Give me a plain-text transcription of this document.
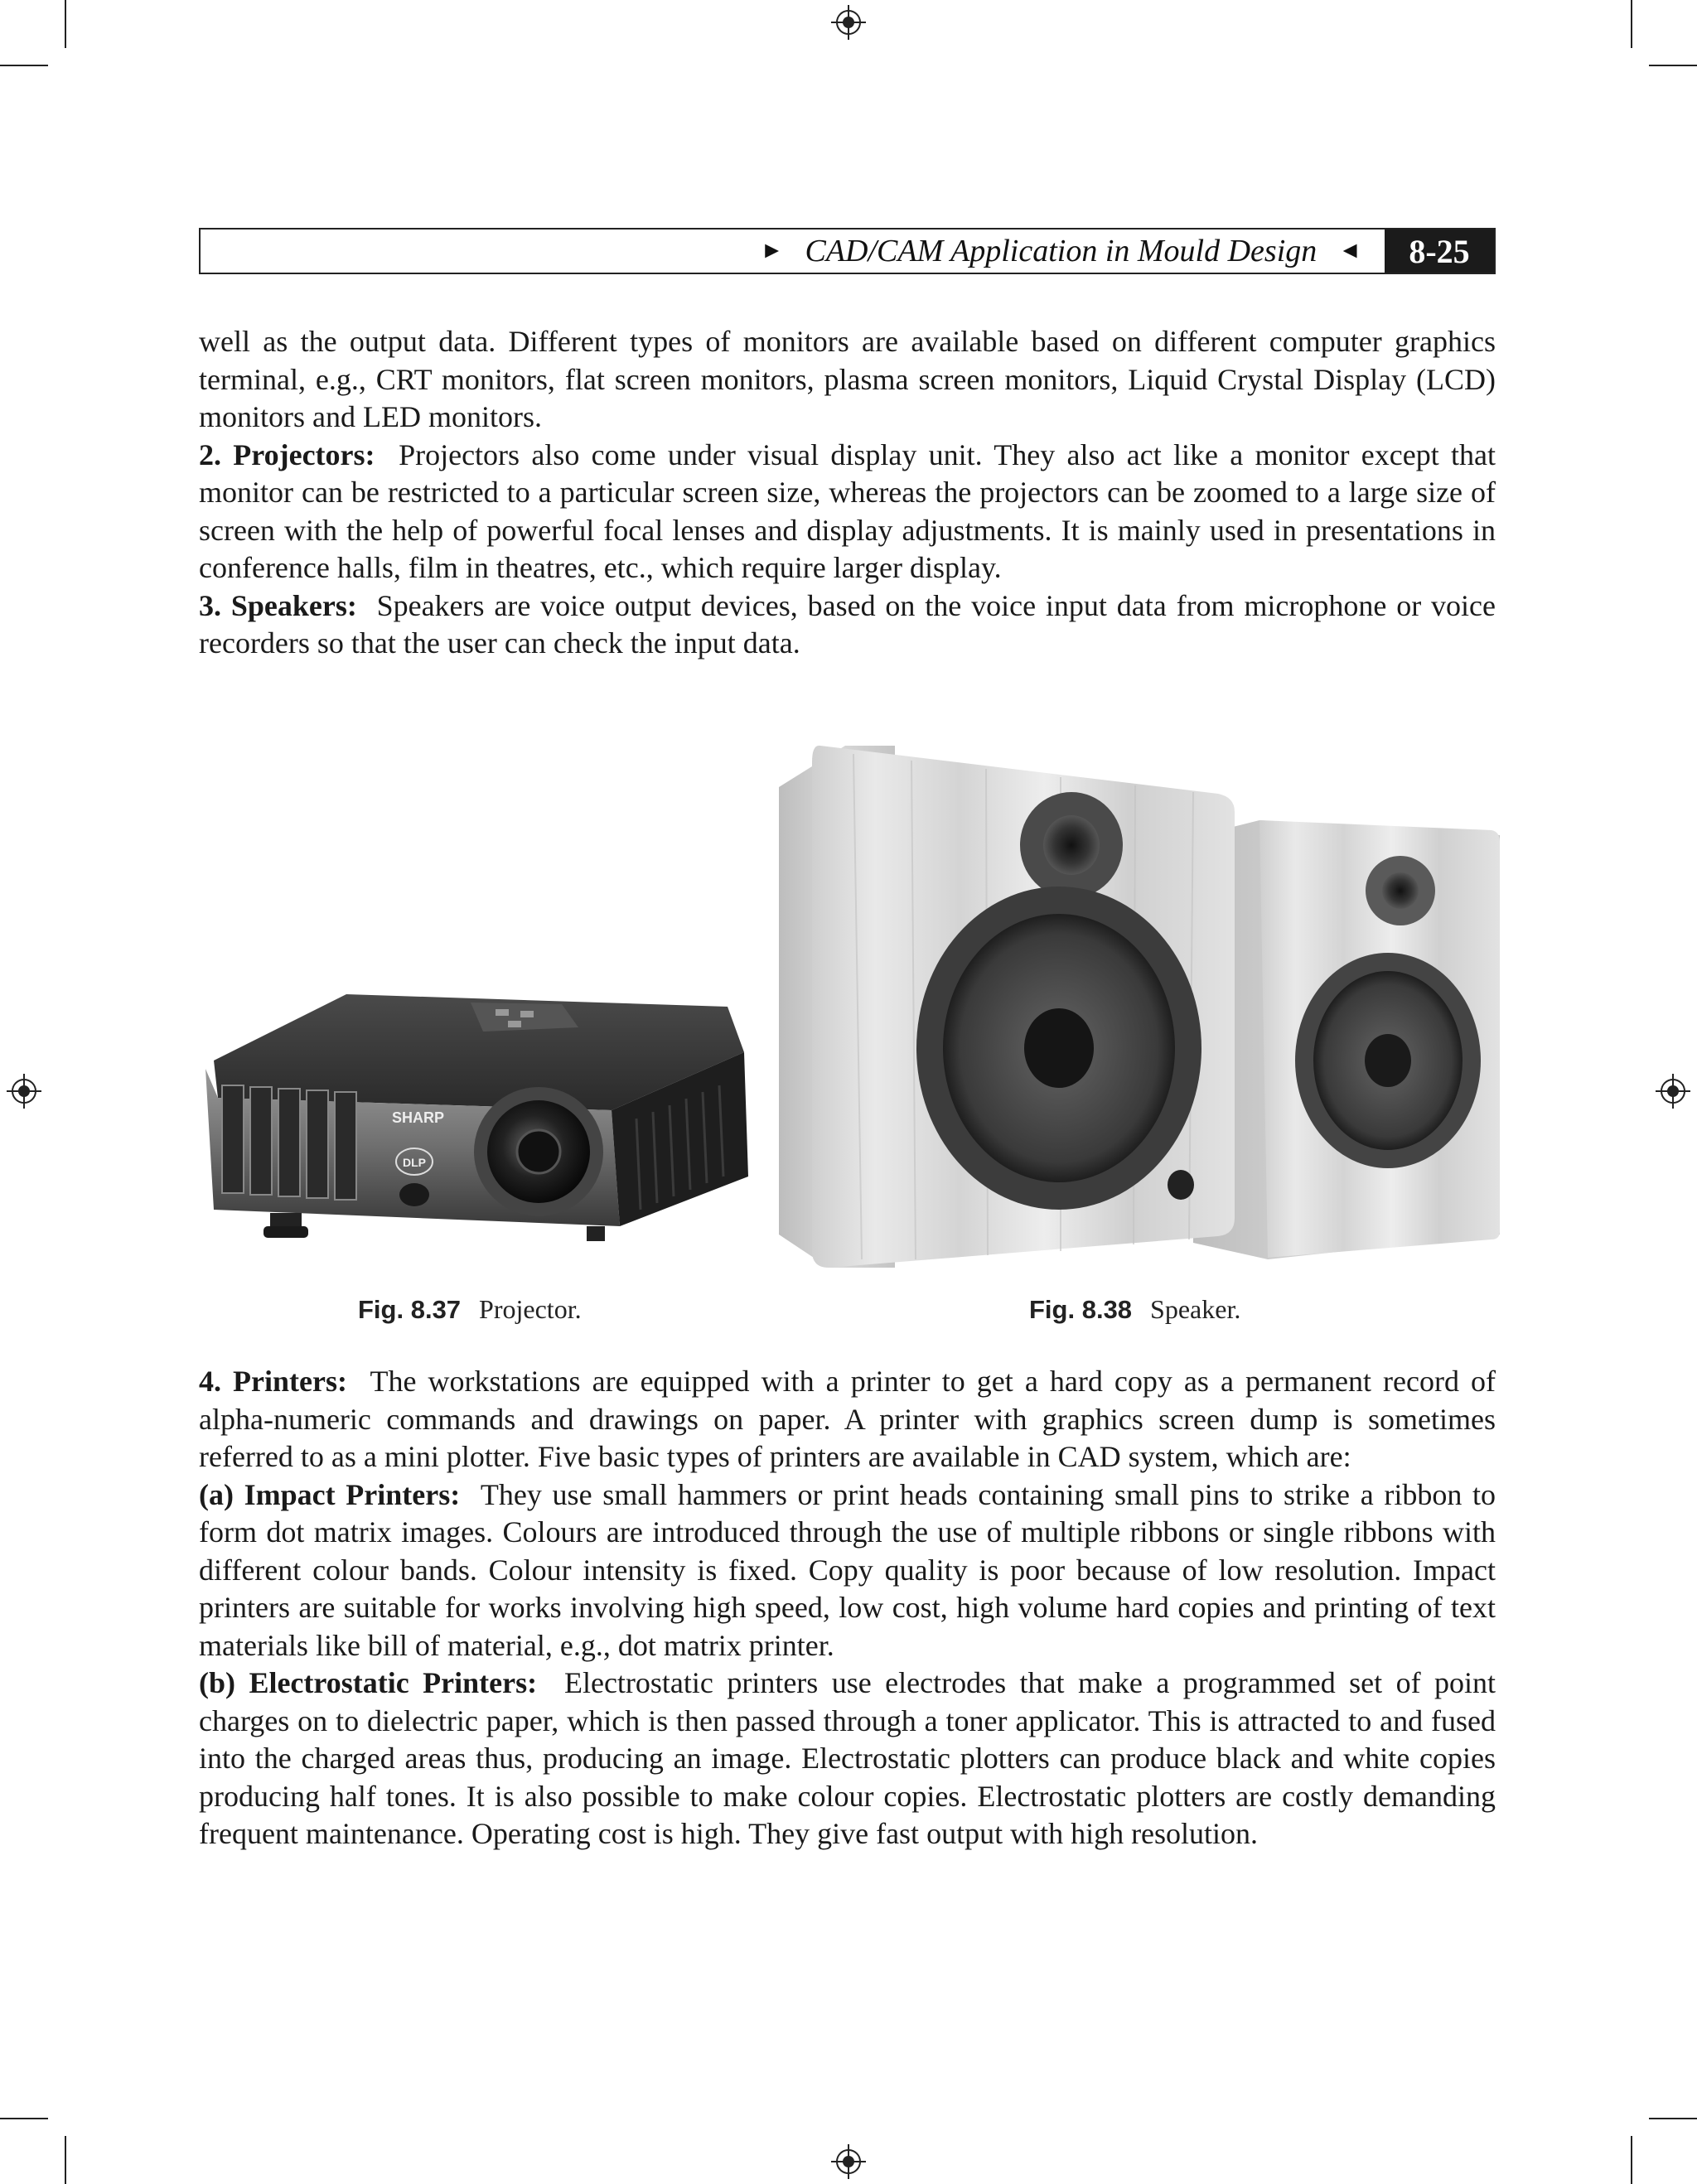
► CAD/CAM Application in Mould Design ◄	8-25

well as the output data. Different types of monitors are available based on different computer graphics terminal, e.g., CRT monitors, flat screen monitors, plasma screen monitors, Liquid Crystal Display (LCD) monitors and LED monitors.

2. Projectors: Projectors also come under visual display unit. They also act like a monitor except that monitor can be restricted to a particular screen size, whereas the projectors can be zoomed to a large size of screen with the help of powerful focal lenses and display adjustments. It is mainly used in presentations in conference halls, film in theatres, etc., which require larger display.

3. Speakers: Speakers are voice output devices, based on the voice input data from microphone or voice recorders so that the user can check the input data.

SHARP
DLP
Fig. 8.37 Projector.	Fig. 8.38 Speaker.

4. Printers: The workstations are equipped with a printer to get a hard copy as a permanent record of alpha-numeric commands and drawings on paper. A printer with graphics screen dump is sometimes referred to as a mini plotter. Five basic types of printers are available in CAD system, which are:

(a) Impact Printers: They use small hammers or print heads containing small pins to strike a ribbon to form dot matrix images. Colours are introduced through the use of multiple ribbons or single ribbons with different colour bands. Colour intensity is fixed. Copy quality is poor because of low resolution. Impact printers are suitable for works involving high speed, low cost, high volume hard copies and printing of text materials like bill of material, e.g., dot matrix printer.

(b) Electrostatic Printers: Electrostatic printers use electrodes that make a programmed set of point charges on to dielectric paper, which is then passed through a toner applicator. This is attracted to and fused into the charged areas thus, producing an image. Electrostatic plotters can produce black and white copies producing half tones. It is also possible to make colour copies. Electrostatic plotters are costly demanding frequent maintenance. Operating cost is high. They give fast output with high resolution.
